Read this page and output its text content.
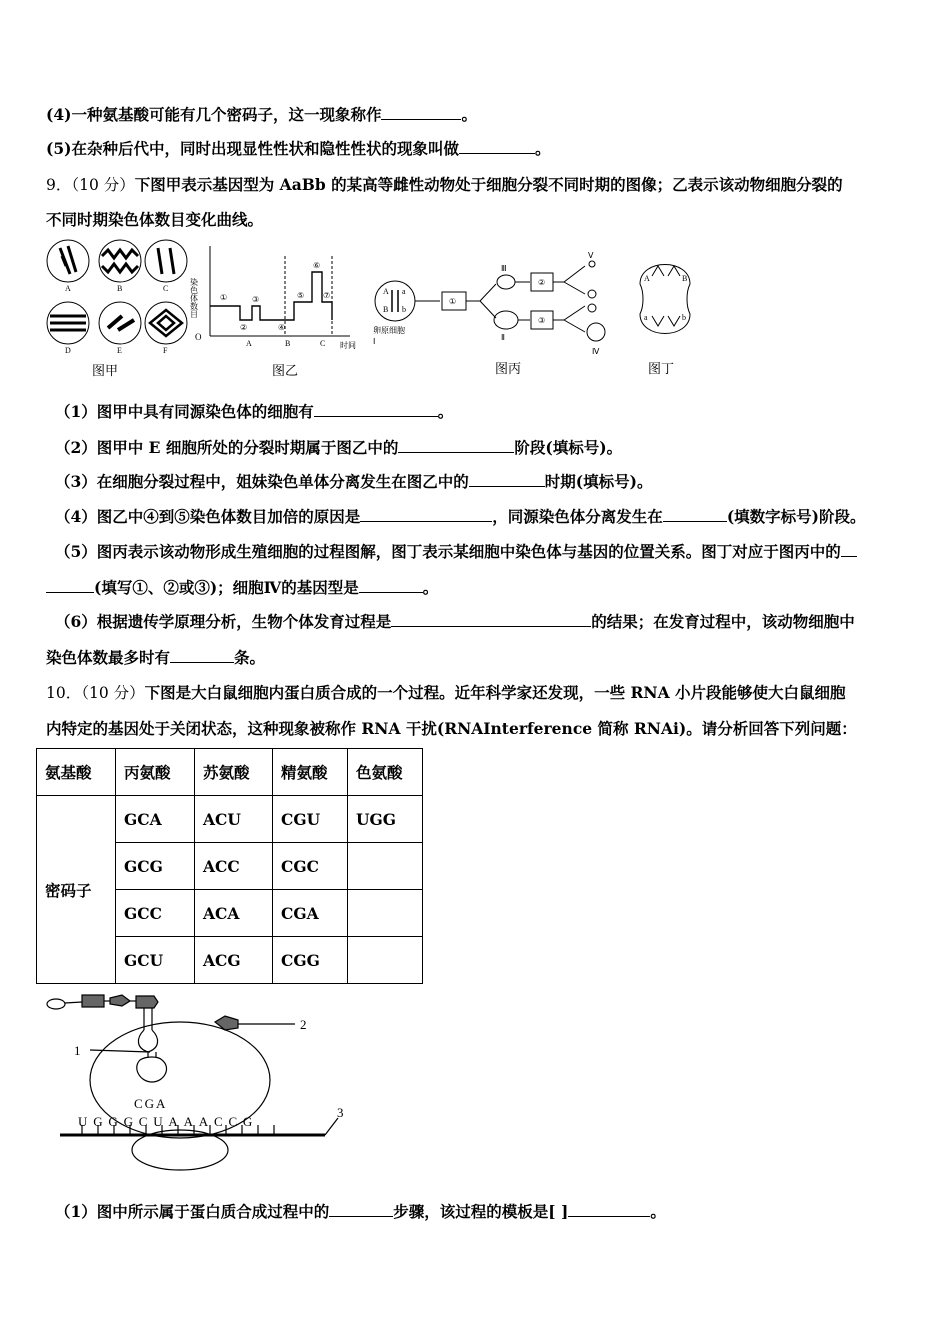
(4)一种氨基酸可能有几个密码子，这一现象称作	。
(5)在杂种后代中，同时出现显性性状和隐性性状的现象叫做	。
9．（10 分）下图甲表示基因型为 AaBb 的某高等雌性动物处于细胞分裂不同时期的图像；乙表示该动物细胞分裂的
不同时期染色体数目变化曲线。
A	B	C
D	E	F
图甲
O
染色体数目
时间
①
②
③
④
⑤
⑥
⑦
A	B	C
图乙
A a
B b
①
②
③
Ⅲ
Ⅱ
Ⅴ
Ⅳ
卵原细胞
Ⅰ
图丙
A	B
a	b
图丁
（1）图甲中具有同源染色体的细胞有	。
（2）图甲中 E 细胞所处的分裂时期属于图乙中的	阶段(填标号)。
（3）在细胞分裂过程中，姐妹染色单体分离发生在图乙中的	时期(填标号)。
（4）图乙中④到⑤染色体数目加倍的原因是	，同源染色体分离发生在	(填数字标号)阶段。
（5）图丙表示该动物形成生殖细胞的过程图解，图丁表示某细胞中染色体与基因的位置关系。图丁对应于图丙中的
(填写①、②或③)；细胞Ⅳ的基因型是	。
（6）根据遗传学原理分析，生物个体发育过程是	的结果；在发育过程中，该动物细胞中
染色体数最多时有	条。
10．（10 分）下图是大白鼠细胞内蛋白质合成的一个过程。近年科学家还发现，一些 RNA 小片段能够使大白鼠细胞
内特定的基因处于关闭状态，这种现象被称作 RNA 干扰(RNAInterference 简称 RNAi)。请分析回答下列问题：
氨基酸	丙氨酸	苏氨酸	精氨酸	色氨酸
密码子	GCA	ACU	CGU	UGG
	GCG	ACC	CGC	
	GCC	ACA	CGA	
	GCU	ACG	CGG	
2
1
3
CGA
UGGGCUAAACCG
（1）图中所示属于蛋白质合成过程中的	步骤，该过程的模板是[ ]	。
